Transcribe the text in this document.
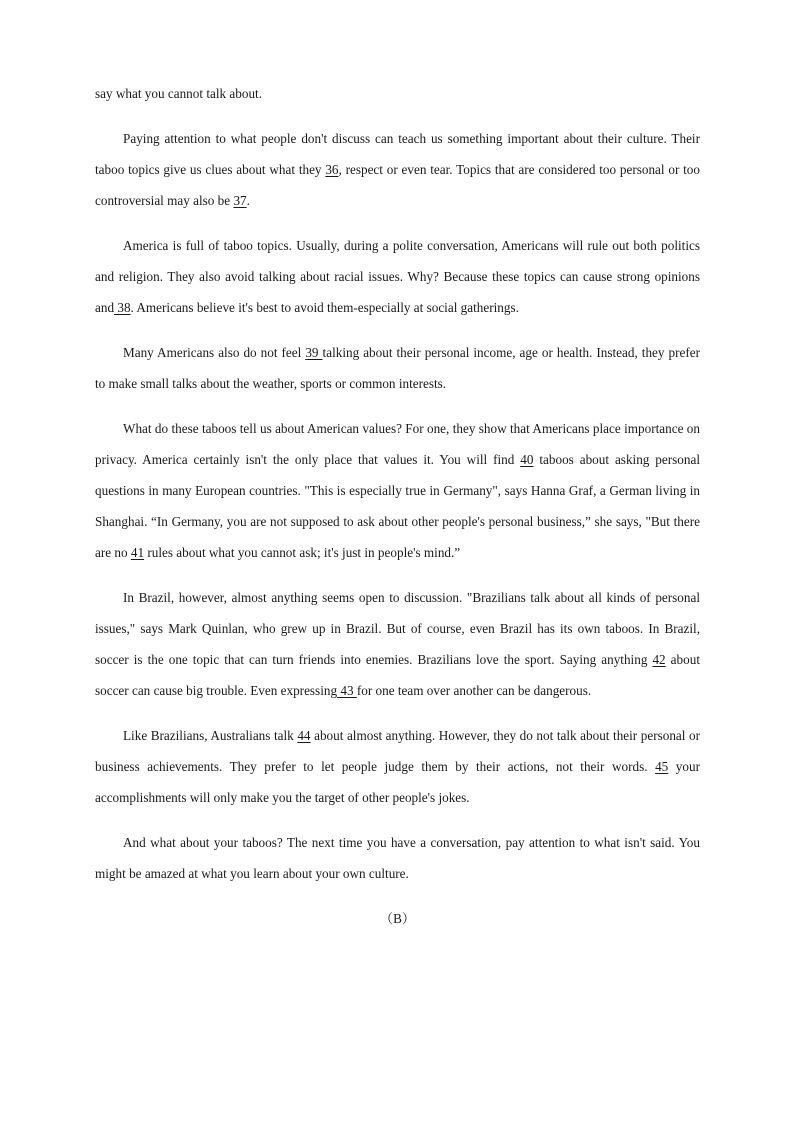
say what you cannot talk about.

Paying attention to what people don't discuss can teach us something important about their culture. Their taboo topics give us clues about what they 36, respect or even tear. Topics that are considered too personal or too controversial may also be 37.

America is full of taboo topics. Usually, during a polite conversation, Americans will rule out both politics and religion. They also avoid talking about racial issues. Why? Because these topics can cause strong opinions and 38. Americans believe it's best to avoid them-especially at social gatherings.

Many Americans also do not feel 39 talking about their personal income, age or health. Instead, they prefer to make small talks about the weather, sports or common interests.

What do these taboos tell us about American values? For one, they show that Americans place importance on privacy. America certainly isn't the only place that values it. You will find 40 taboos about asking personal questions in many European countries. "This is especially true in Germany", says Hanna Graf, a German living in Shanghai. “In Germany, you are not supposed to ask about other people's personal business,” she says, "But there are no 41 rules about what you cannot ask; it's just in people's mind.”

In Brazil, however, almost anything seems open to discussion. "Brazilians talk about all kinds of personal issues," says Mark Quinlan, who grew up in Brazil. But of course, even Brazil has its own taboos. In Brazil, soccer is the one topic that can turn friends into enemies. Brazilians love the sport. Saying anything 42 about soccer can cause big trouble. Even expressing 43 for one team over another can be dangerous.

Like Brazilians, Australians talk 44 about almost anything. However, they do not talk about their personal or business achievements. They prefer to let people judge them by their actions, not their words. 45 your accomplishments will only make you the target of other people's jokes.

And what about your taboos? The next time you have a conversation, pay attention to what isn't said. You might be amazed at what you learn about your own culture.

（B）
